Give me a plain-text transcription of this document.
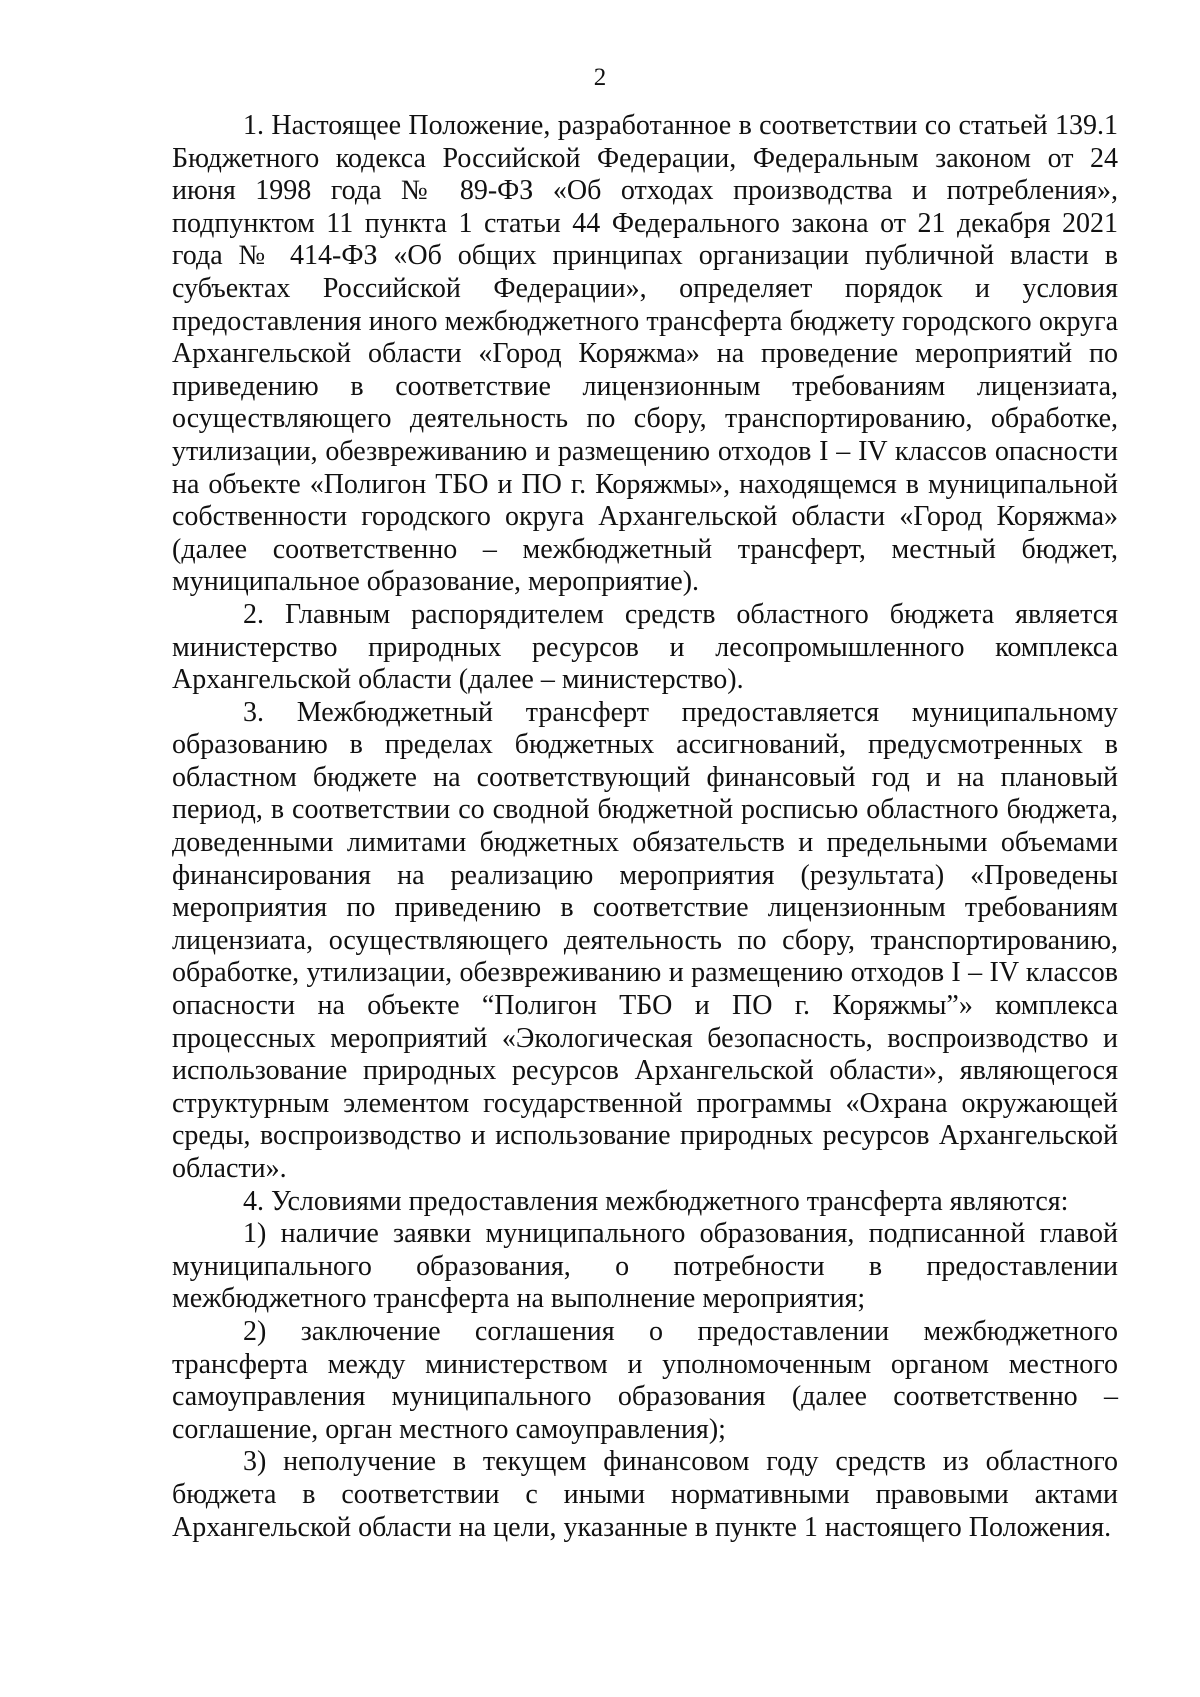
2

1. Настоящее Положение, разработанное в соответствии со статьей 139.1 Бюджетного кодекса Российской Федерации, Федеральным законом от 24 июня 1998 года № 89-ФЗ «Об отходах производства и потребления», подпунктом 11 пункта 1 статьи 44 Федерального закона от 21 декабря 2021 года № 414-ФЗ «Об общих принципах организации публичной власти в субъектах Российской Федерации», определяет порядок и условия предоставления иного межбюджетного трансферта бюджету городского округа Архангельской области «Город Коряжма» на проведение мероприятий по приведению в соответствие лицензионным требованиям лицензиата, осуществляющего деятельность по сбору, транспортированию, обработке, утилизации, обезвреживанию и размещению отходов I – IV классов опасности на объекте «Полигон ТБО и ПО г. Коряжмы», находящемся в муниципальной собственности городского округа Архангельской области «Город Коряжма» (далее соответственно – межбюджетный трансферт, местный бюджет, муниципальное образование, мероприятие).

2. Главным распорядителем средств областного бюджета является министерство природных ресурсов и лесопромышленного комплекса Архангельской области (далее – министерство).

3. Межбюджетный трансферт предоставляется муниципальному образованию в пределах бюджетных ассигнований, предусмотренных в областном бюджете на соответствующий финансовый год и на плановый период, в соответствии со сводной бюджетной росписью областного бюджета, доведенными лимитами бюджетных обязательств и предельными объемами финансирования на реализацию мероприятия (результата) «Проведены мероприятия по приведению в соответствие лицензионным требованиям лицензиата, осуществляющего деятельность по сбору, транспортированию, обработке, утилизации, обезвреживанию и размещению отходов I – IV классов опасности на объекте “Полигон ТБО и ПО г. Коряжмы”» комплекса процессных мероприятий «Экологическая безопасность, воспроизводство и использование природных ресурсов Архангельской области», являющегося структурным элементом государственной программы «Охрана окружающей среды, воспроизводство и использование природных ресурсов Архангельской области».

4. Условиями предоставления межбюджетного трансферта являются:

1) наличие заявки муниципального образования, подписанной главой муниципального образования, о потребности в предоставлении межбюджетного трансферта на выполнение мероприятия;

2) заключение соглашения о предоставлении межбюджетного трансферта между министерством и уполномоченным органом местного самоуправления муниципального образования (далее соответственно – соглашение, орган местного самоуправления);

3) неполучение в текущем финансовом году средств из областного бюджета в соответствии с иными нормативными правовыми актами Архангельской области на цели, указанные в пункте 1 настоящего Положения.
